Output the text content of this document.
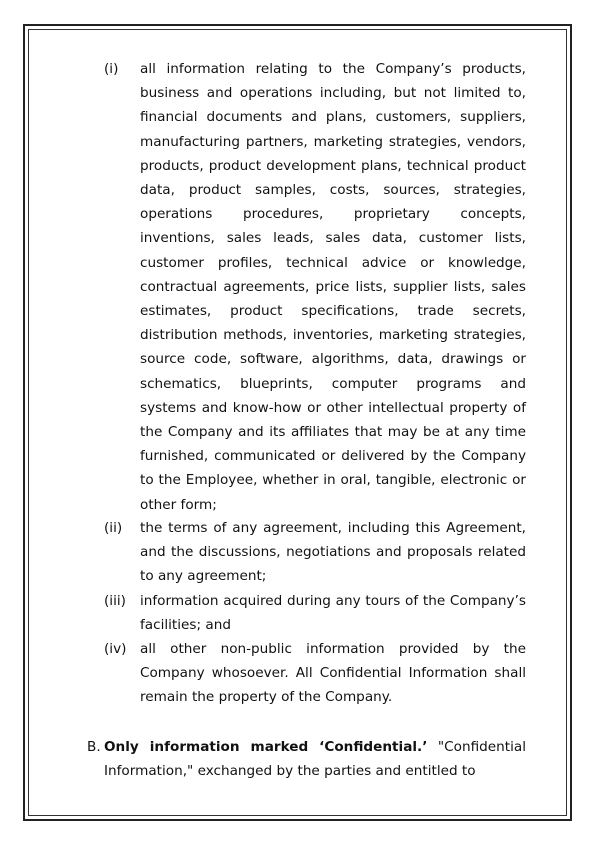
(i)	all information relating to the Company’s products, business and operations including, but not limited to, financial documents and plans, customers, suppliers, manufacturing partners, marketing strategies, vendors, products, product development plans, technical product data, product samples, costs, sources, strategies, operations procedures, proprietary concepts, inventions, sales leads, sales data, customer lists, customer profiles, technical advice or knowledge, contractual agreements, price lists, supplier lists, sales estimates, product specifications, trade secrets, distribution methods, inventories, marketing strategies, source code, software, algorithms, data, drawings or schematics, blueprints, computer programs and systems and know-how or other intellectual property of the Company and its affiliates that may be at any time furnished, communicated or delivered by the Company to the Employee, whether in oral, tangible, electronic or other form;
(ii)	the terms of any agreement, including this Agreement, and the discussions, negotiations and proposals related to any agreement;
(iii)	information acquired during any tours of the Company’s facilities; and
(iv) all other non-public information provided by the Company whosoever. All Confidential Information shall remain the property of the Company.
B. Only information marked ‘Confidential.’ "Confidential Information," exchanged by the parties and entitled to
